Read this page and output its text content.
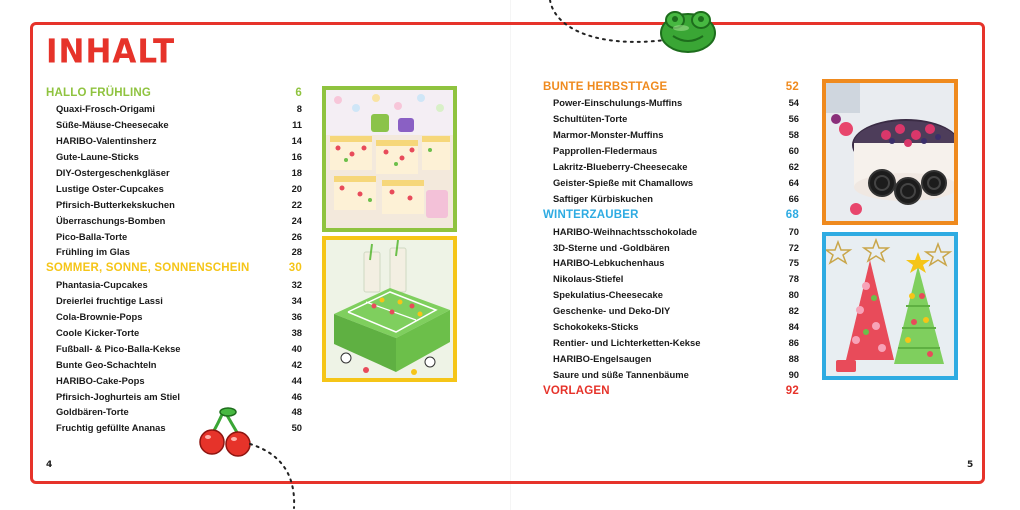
INHALT
HALLO FRÜHLING	6
Quaxi-Frosch-Origami	8
Süße-Mäuse-Cheesecake	11
HARIBO-Valentinsherz	14
Gute-Laune-Sticks	16
DIY-Ostergeschenkgläser	18
Lustige Oster-Cupcakes	20
Pfirsich-Butterkekskuchen	22
Überraschungs-Bomben	24
Pico-Balla-Torte	26
Frühling im Glas	28
SOMMER, SONNE, SONNENSCHEIN	30
Phantasia-Cupcakes	32
Dreierlei fruchtige Lassi	34
Cola-Brownie-Pops	36
Coole Kicker-Torte	38
Fußball- & Pico-Balla-Kekse	40
Bunte Geo-Schachteln	42
HARIBO-Cake-Pops	44
Pfirsich-Joghurteis am Stiel	46
Goldbären-Torte	48
Fruchtig gefüllte Ananas	50
BUNTE HERBSTTAGE	52
Power-Einschulungs-Muffins	54
Schultüten-Torte	56
Marmor-Monster-Muffins	58
Papprollen-Fledermaus	60
Lakritz-Blueberry-Cheesecake	62
Geister-Spieße mit Chamallows	64
Saftiger Kürbiskuchen	66
WINTERZAUBER	68
HARIBO-Weihnachtsschokolade	70
3D-Sterne und -Goldbären	72
HARIBO-Lebkuchenhaus	75
Nikolaus-Stiefel	78
Spekulatius-Cheesecake	80
Geschenke- und Deko-DIY	82
Schokokeks-Sticks	84
Rentier- und Lichterketten-Kekse	86
HARIBO-Engelsaugen	88
Saure und süße Tannenbäume	90
VORLAGEN	92
4	5
